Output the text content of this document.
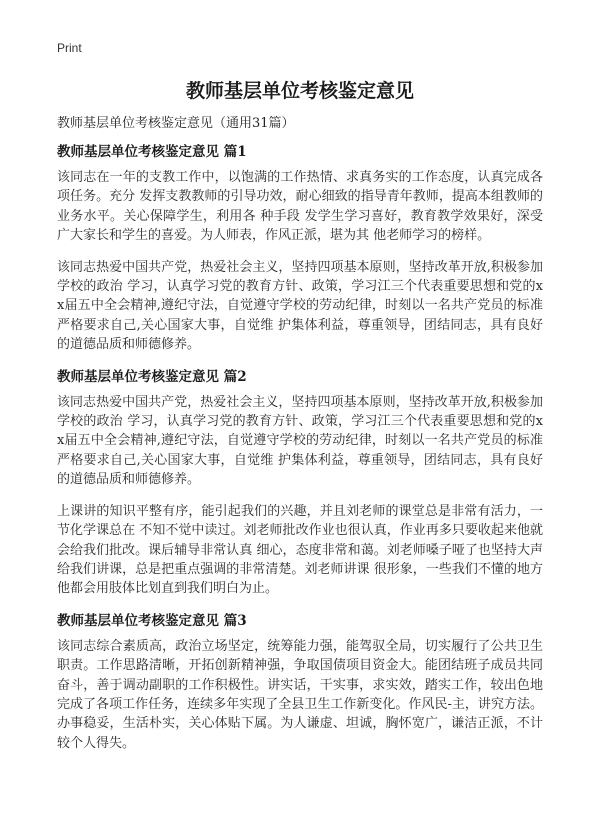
Print

教师基层单位考核鉴定意见

教师基层单位考核鉴定意见（通用31篇）

教师基层单位考核鉴定意见 篇1

该同志在一年的支教工作中，以饱满的工作热情、求真务实的工作态度，认真完成各项任务。充分 发挥支教教师的引导功效，耐心细致的指导青年教师，提高本组教师的业务水平。关心保障学生，利用各 种手段 发学生学习喜好，教育教学效果好，深受广大家长和学生的喜爱。为人师表，作风正派，堪为其 他老师学习的榜样。

该同志热爱中国共产党，热爱社会主义，坚持四项基本原则，坚持改革开放,积极参加学校的政治 学习，认真学习党的教育方针、政策，学习江三个代表重要思想和党的xx届五中全会精神,遵纪守法，自觉遵守学校的劳动纪律，时刻以一名共产党员的标准严格要求自己,关心国家大事，自觉维 护集体利益，尊重领导，团结同志，具有良好的道德品质和师德修养。

教师基层单位考核鉴定意见 篇2

该同志热爱中国共产党，热爱社会主义，坚持四项基本原则，坚持改革开放,积极参加学校的政治 学习，认真学习党的教育方针、政策，学习江三个代表重要思想和党的xx届五中全会精神,遵纪守法，自觉遵守学校的劳动纪律，时刻以一名共产党员的标准严格要求自己,关心国家大事，自觉维 护集体利益，尊重领导，团结同志，具有良好的道德品质和师德修养。

上课讲的知识平整有序，能引起我们的兴趣，并且刘老师的课堂总是非常有活力，一节化学课总在 不知不觉中读过。刘老师批改作业也很认真，作业再多只要收起来他就会给我们批改。课后辅导非常认真 细心，态度非常和蔼。刘老师嗓子哑了也坚持大声给我们讲课，总是把重点强调的非常清楚。刘老师讲课 很形象，一些我们不懂的地方他都会用肢体比划直到我们明白为止。

教师基层单位考核鉴定意见 篇3

该同志综合素质高，政治立场坚定，统筹能力强，能驾驭全局，切实履行了公共卫生职责。工作思路清晰，开拓创新精神强，争取国债项目资金大。能团结班子成员共同奋斗，善于调动副职的工作积极性。讲实话，干实事，求实效，踏实工作，较出色地完成了各项工作任务，连续多年实现了全县卫生工作新变化。作风民-主，讲究方法。办事稳妥，生活朴实，关心体贴下属。为人谦虚、坦诚，胸怀宽广，谦洁正派，不计较个人得失。
